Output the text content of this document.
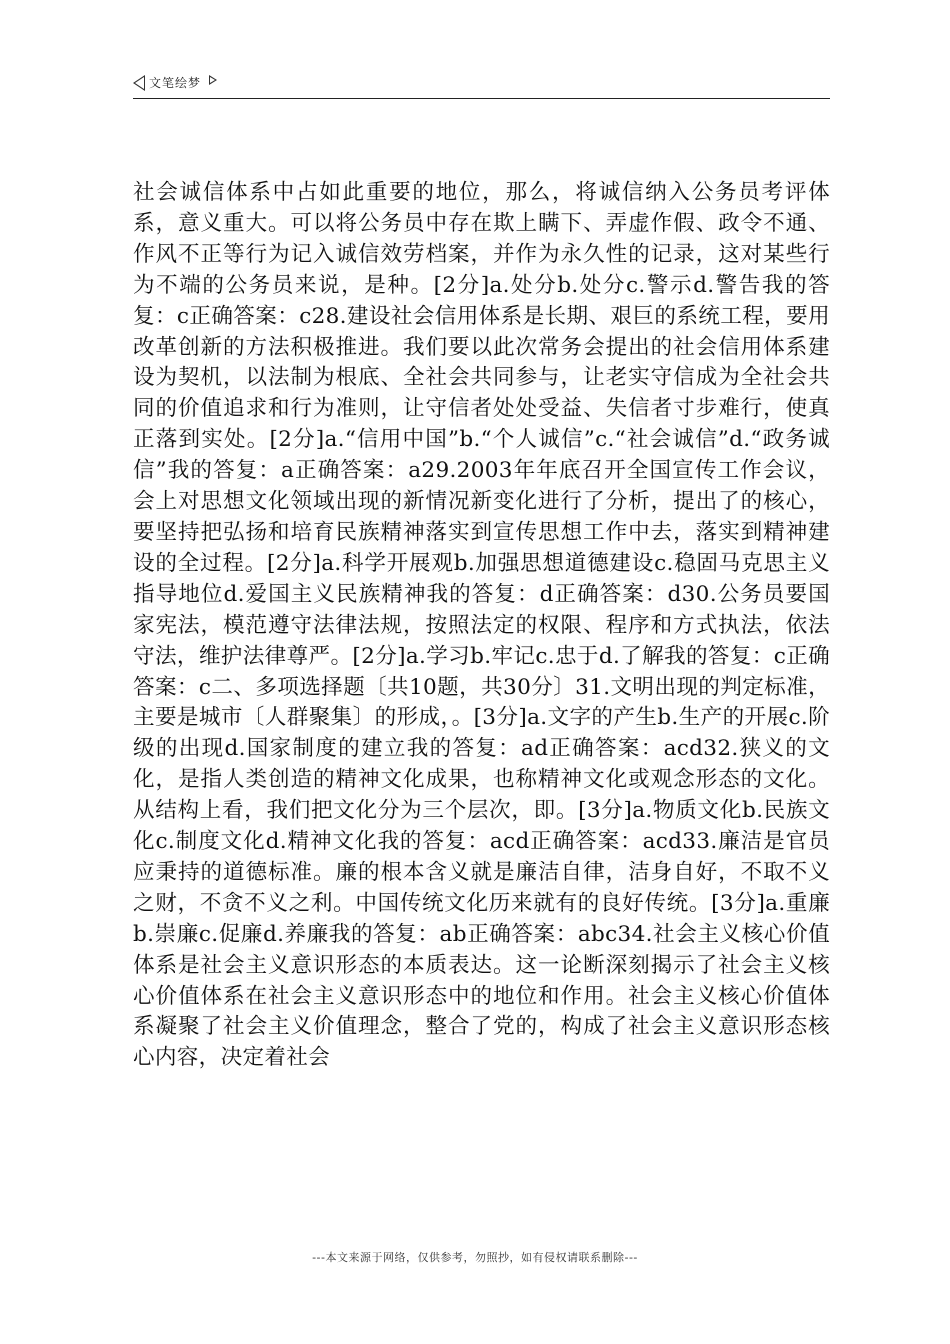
文笔绘梦

社会诚信体系中占如此重要的地位，那么，将诚信纳入公务员考评体系，意义重大。可以将公务员中存在欺上瞒下、弄虚作假、政令不通、作风不正等行为记入诚信效劳档案，并作为永久性的记录，这对某些行为不端的公务员来说，是种。[2分]a.处分b.处分c.警示d.警告我的答复：c正确答案：c28.建设社会信用体系是长期、艰巨的系统工程，要用改革创新的方法积极推进。我们要以此次常务会提出的社会信用体系建设为契机，以法制为根底、全社会共同参与，让老实守信成为全社会共同的价值追求和行为准则，让守信者处处受益、失信者寸步难行，使真正落到实处。[2分]a.“信用中国”b.“个人诚信”c.“社会诚信”d.“政务诚信”我的答复：a正确答案：a29.2003年年底召开全国宣传工作会议，会上对思想文化领域出现的新情况新变化进行了分析，提出了的核心，要坚持把弘扬和培育民族精神落实到宣传思想工作中去，落实到精神建设的全过程。[2分]a.科学开展观b.加强思想道德建设c.稳固马克思主义指导地位d.爱国主义民族精神我的答复：d正确答案：d30.公务员要国家宪法，模范遵守法律法规，按照法定的权限、程序和方式执法，依法守法，维护法律尊严。[2分]a.学习b.牢记c.忠于d.了解我的答复：c正确答案：c二、多项选择题〔共10题，共30分〕31.文明出现的判定标准，主要是城市〔人群聚集〕的形成，。[3分]a.文字的产生b.生产的开展c.阶级的出现d.国家制度的建立我的答复：ad正确答案：acd32.狭义的文化，是指人类创造的精神文化成果，也称精神文化或观念形态的文化。从结构上看，我们把文化分为三个层次，即。[3分]a.物质文化b.民族文化c.制度文化d.精神文化我的答复：acd正确答案：acd33.廉洁是官员应秉持的道德标准。廉的根本含义就是廉洁自律，洁身自好，不取不义之财，不贪不义之利。中国传统文化历来就有的良好传统。[3分]a.重廉b.崇廉c.促廉d.养廉我的答复：ab正确答案：abc34.社会主义核心价值体系是社会主义意识形态的本质表达。这一论断深刻揭示了社会主义核心价值体系在社会主义意识形态中的地位和作用。社会主义核心价值体系凝聚了社会主义价值理念，整合了党的，构成了社会主义意识形态核心内容，决定着社会

---本文来源于网络，仅供参考，勿照抄，如有侵权请联系删除---
